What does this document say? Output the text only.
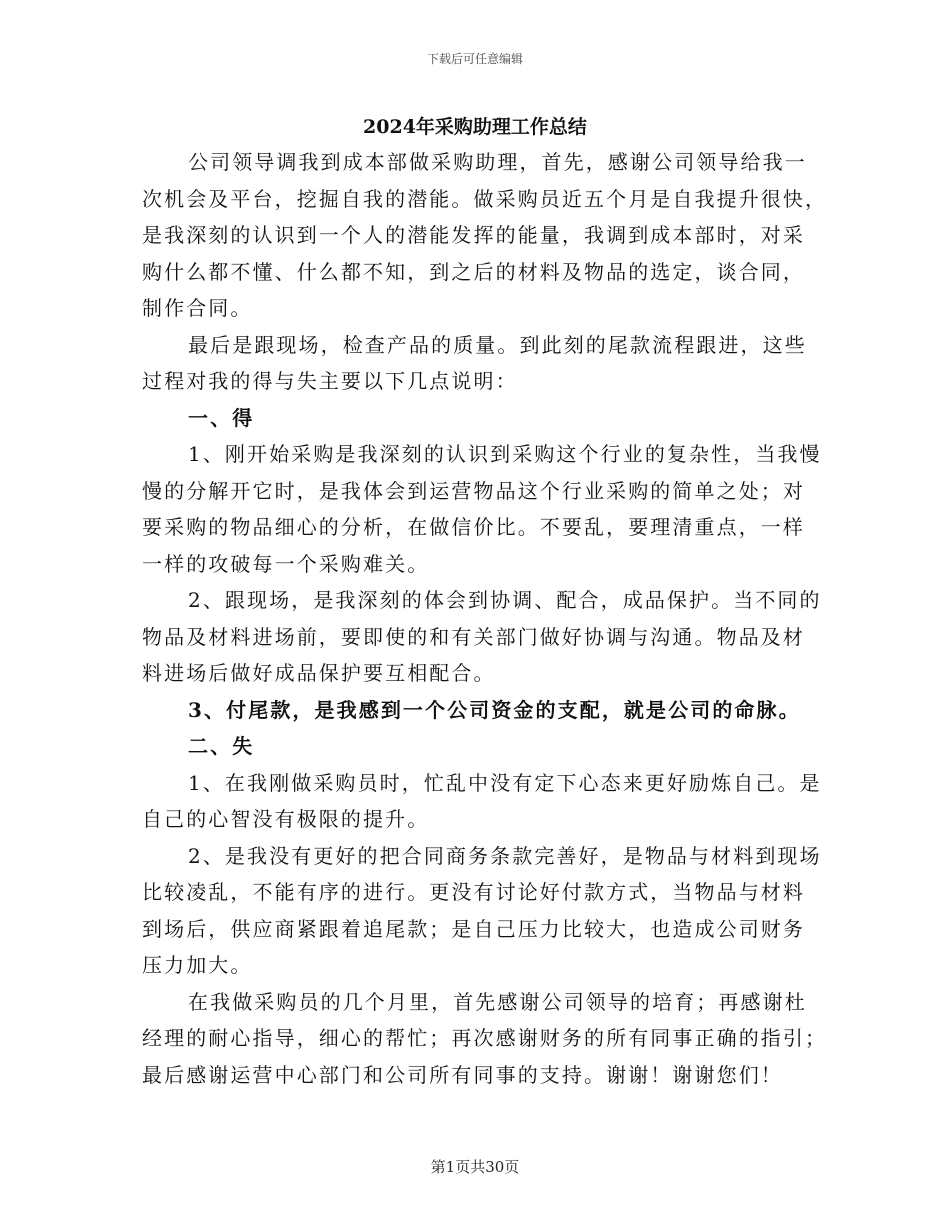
下载后可任意编辑
2024年采购助理工作总结
公司领导调我到成本部做采购助理，首先，感谢公司领导给我一
次机会及平台，挖掘自我的潜能。做采购员近五个月是自我提升很快，
是我深刻的认识到一个人的潜能发挥的能量，我调到成本部时，对采
购什么都不懂、什么都不知，到之后的材料及物品的选定，谈合同，
制作合同。
最后是跟现场，检查产品的质量。到此刻的尾款流程跟进，这些
过程对我的得与失主要以下几点说明：
一、得
1、刚开始采购是我深刻的认识到采购这个行业的复杂性，当我慢
慢的分解开它时，是我体会到运营物品这个行业采购的简单之处；对
要采购的物品细心的分析，在做信价比。不要乱，要理清重点，一样
一样的攻破每一个采购难关。
2、跟现场，是我深刻的体会到协调、配合，成品保护。当不同的
物品及材料进场前，要即使的和有关部门做好协调与沟通。物品及材
料进场后做好成品保护要互相配合。
3、付尾款，是我感到一个公司资金的支配，就是公司的命脉。
二、失
1、在我刚做采购员时，忙乱中没有定下心态来更好励炼自己。是
自己的心智没有极限的提升。
2、是我没有更好的把合同商务条款完善好，是物品与材料到现场
比较凌乱，不能有序的进行。更没有讨论好付款方式，当物品与材料
到场后，供应商紧跟着追尾款；是自己压力比较大，也造成公司财务
压力加大。
在我做采购员的几个月里，首先感谢公司领导的培育；再感谢杜
经理的耐心指导，细心的帮忙；再次感谢财务的所有同事正确的指引；
最后感谢运营中心部门和公司所有同事的支持。谢谢！谢谢您们！
第1页共30页
